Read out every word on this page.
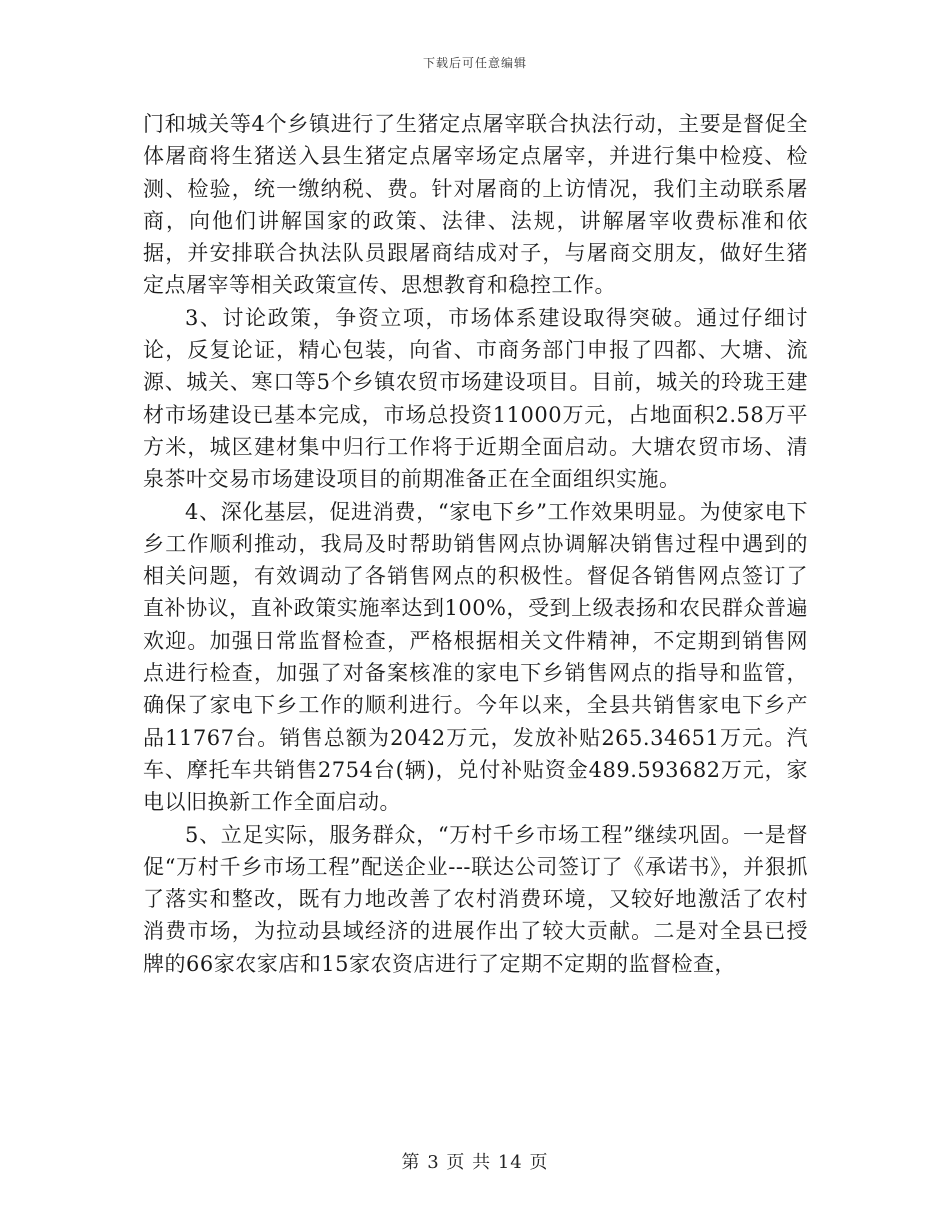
下载后可任意编辑

门和城关等4个乡镇进行了生猪定点屠宰联合执法行动，主要是督促全体屠商将生猪送入县生猪定点屠宰场定点屠宰，并进行集中检疫、检测、检验，统一缴纳税、费。针对屠商的上访情况，我们主动联系屠商，向他们讲解国家的政策、法律、法规，讲解屠宰收费标准和依据，并安排联合执法队员跟屠商结成对子，与屠商交朋友，做好生猪定点屠宰等相关政策宣传、思想教育和稳控工作。

3、讨论政策，争资立项，市场体系建设取得突破。通过仔细讨论，反复论证，精心包装，向省、市商务部门申报了四都、大塘、流源、城关、寒口等5个乡镇农贸市场建设项目。目前，城关的玲珑王建材市场建设已基本完成，市场总投资11000万元，占地面积2.58万平方米，城区建材集中归行工作将于近期全面启动。大塘农贸市场、清泉茶叶交易市场建设项目的前期准备正在全面组织实施。

4、深化基层，促进消费，“家电下乡”工作效果明显。为使家电下乡工作顺利推动，我局及时帮助销售网点协调解决销售过程中遇到的相关问题，有效调动了各销售网点的积极性。督促各销售网点签订了直补协议，直补政策实施率达到100%，受到上级表扬和农民群众普遍欢迎。加强日常监督检查，严格根据相关文件精神，不定期到销售网点进行检查，加强了对备案核准的家电下乡销售网点的指导和监管，确保了家电下乡工作的顺利进行。今年以来，全县共销售家电下乡产品11767台。销售总额为2042万元，发放补贴265.34651万元。汽车、摩托车共销售2754台(辆)，兑付补贴资金489.593682万元，家电以旧换新工作全面启动。

5、立足实际，服务群众，“万村千乡市场工程”继续巩固。一是督促“万村千乡市场工程”配送企业---联达公司签订了《承诺书》，并狠抓了落实和整改，既有力地改善了农村消费环境，又较好地激活了农村消费市场，为拉动县域经济的进展作出了较大贡献。二是对全县已授牌的66家农家店和15家农资店进行了定期不定期的监督检查，

第 3 页 共 14 页
